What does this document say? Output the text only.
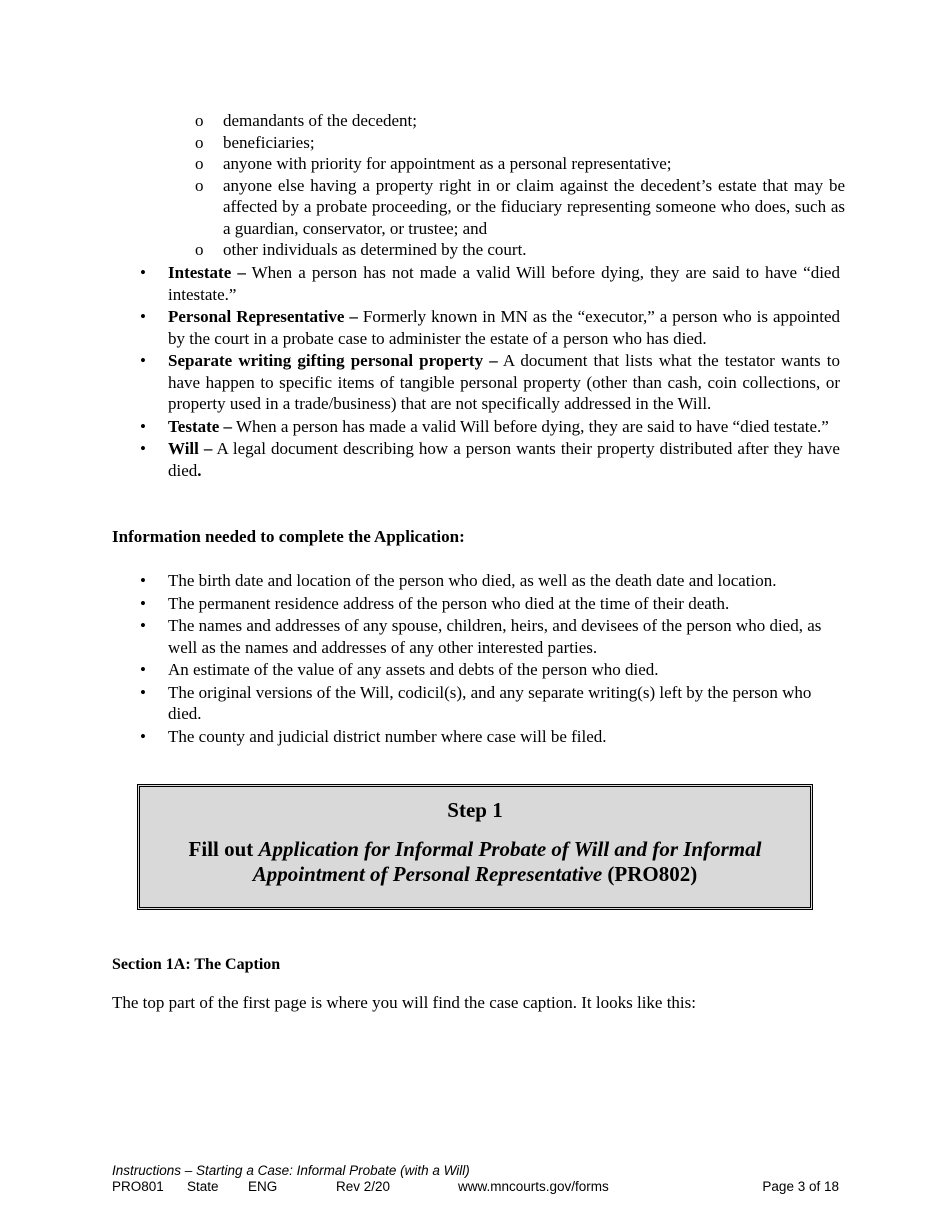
o demandants of the decedent;
o beneficiaries;
o anyone with priority for appointment as a personal representative;
o anyone else having a property right in or claim against the decedent’s estate that may be affected by a probate proceeding, or the fiduciary representing someone who does, such as a guardian, conservator, or trustee; and
o other individuals as determined by the court.
• Intestate – When a person has not made a valid Will before dying, they are said to have “died intestate.”
• Personal Representative – Formerly known in MN as the “executor,” a person who is appointed by the court in a probate case to administer the estate of a person who has died.
• Separate writing gifting personal property – A document that lists what the testator wants to have happen to specific items of tangible personal property (other than cash, coin collections, or property used in a trade/business) that are not specifically addressed in the Will.
• Testate – When a person has made a valid Will before dying, they are said to have “died testate.”
• Will – A legal document describing how a person wants their property distributed after they have died.
Information needed to complete the Application:
• The birth date and location of the person who died, as well as the death date and location.
• The permanent residence address of the person who died at the time of their death.
• The names and addresses of any spouse, children, heirs, and devisees of the person who died, as well as the names and addresses of any other interested parties.
• An estimate of the value of any assets and debts of the person who died.
• The original versions of the Will, codicil(s), and any separate writing(s) left by the person who died.
• The county and judicial district number where case will be filed.
Step 1
Fill out Application for Informal Probate of Will and for Informal Appointment of Personal Representative (PRO802)
Section 1A: The Caption
The top part of the first page is where you will find the case caption. It looks like this:
Instructions – Starting a Case: Informal Probate (with a Will)
PRO801 State ENG	Rev 2/20	www.mncourts.gov/forms	Page 3 of 18
